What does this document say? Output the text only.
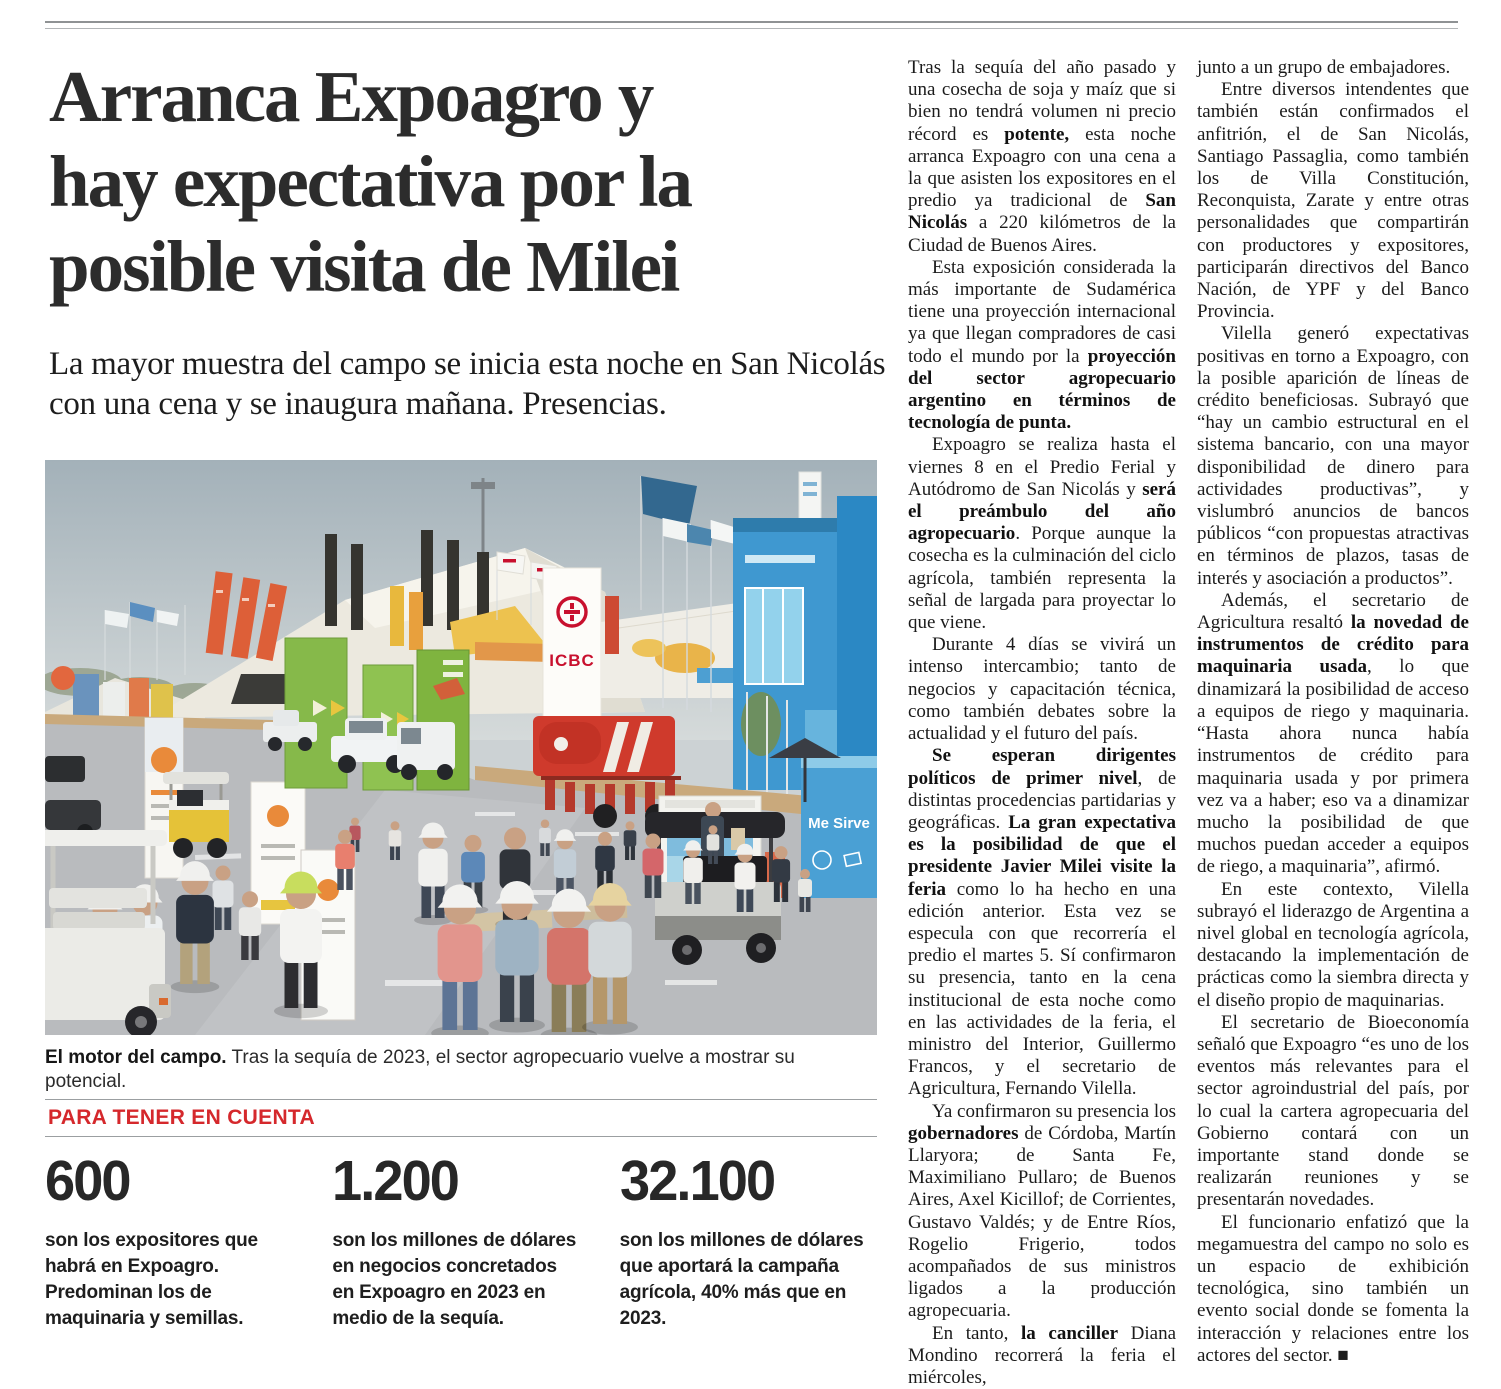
Arranca Expoagro y
hay expectativa por la
posible visita de Milei
La mayor muestra del campo se inicia esta noche en San Nicolás con una cena y se inaugura mañana. Presencias.
ICBC
Me Sirve
El motor del campo. Tras la sequía de 2023, el sector agropecuario vuelve a mostrar su potencial.
PARA TENER EN CUENTA
600
son los expositores que habrá en Expoagro. Predominan los de maquinaria y semillas.
1.200
son los millones de dólares en negocios concretados en Expoagro en 2023 en medio de la sequía.
32.100
son los millones de dólares que aportará la campaña agrícola, 40% más que en 2023.

Tras la sequía del año pasado y una cosecha de soja y maíz que si bien no tendrá volumen ni precio récord es potente, esta noche arranca Expoagro con una cena a la que asisten los expositores en el predio ya tradicional de San Nicolás a 220 kilómetros de la Ciudad de Buenos Aires.

Esta exposición considerada la más importante de Sudamérica tiene una proyección internacional ya que llegan compradores de casi todo el mundo por la proyección del sector agropecuario argentino en términos de tecnología de punta.

Expoagro se realiza hasta el viernes 8 en el Predio Ferial y Autódromo de San Nicolás y será el preámbulo del año agropecuario. Porque aunque la cosecha es la culminación del ciclo agrícola, también representa la señal de largada para proyectar lo que viene.

Durante 4 días se vivirá un intenso intercambio; tanto de negocios y capacitación técnica, como también debates sobre la actualidad y el futuro del país.

Se esperan dirigentes políticos de primer nivel, de distintas procedencias partidarias y geográficas. La gran expectativa es la posibilidad de que el presidente Javier Milei visite la feria como lo ha hecho en una edición anterior. Esta vez se especula con que recorrería el predio el martes 5. Sí confirmaron su presencia, tanto en la cena institucional de esta noche como en las actividades de la feria, el ministro del Interior, Guillermo Francos, y el secretario de Agricultura, Fernando Vilella.

Ya confirmaron su presencia los gobernadores de Córdoba, Martín Llaryora; de Santa Fe, Maximiliano Pullaro; de Buenos Aires, Axel Kicillof; de Corrientes, Gustavo Valdés; y de Entre Ríos, Rogelio Frigerio, todos acompañados de sus ministros ligados a la producción agropecuaria.

En tanto, la canciller Diana Mondino recorrerá la feria el miércoles,

junto a un grupo de embajadores.

Entre diversos intendentes que también están confirmados el anfitrión, el de San Nicolás, Santiago Passaglia, como también los de Villa Constitución, Reconquista, Zarate y entre otras personalidades que compartirán con productores y expositores, participarán directivos del Banco Nación, de YPF y del Banco Provincia.

Vilella generó expectativas positivas en torno a Expoagro, con la posible aparición de líneas de crédito beneficiosas. Subrayó que “hay un cambio estructural en el sistema bancario, con una mayor disponibilidad de dinero para actividades productivas”, y vislumbró anuncios de bancos públicos “con propuestas atractivas en términos de plazos, tasas de interés y asociación a productos”.

Además, el secretario de Agricultura resaltó la novedad de instrumentos de crédito para maquinaria usada, lo que dinamizará la posibilidad de acceso a equipos de riego y maquinaria. “Hasta ahora nunca había instrumentos de crédito para maquinaria usada y por primera vez va a haber; eso va a dinamizar mucho la posibilidad de que muchos puedan acceder a equipos de riego, a maquinaria”, afirmó.

En este contexto, Vilella subrayó el liderazgo de Argentina a nivel global en tecnología agrícola, destacando la implementación de prácticas como la siembra directa y el diseño propio de maquinarias.

El secretario de Bioeconomía señaló que Expoagro “es uno de los eventos más relevantes para el sector agroindustrial del país, por lo cual la cartera agropecuaria del Gobierno contará con un importante stand donde se realizarán reuniones y se presentarán novedades.

El funcionario enfatizó que la megamuestra del campo no solo es un espacio de exhibición tecnológica, sino también un evento social donde se fomenta la interacción y relaciones entre los actores del sector. ■
